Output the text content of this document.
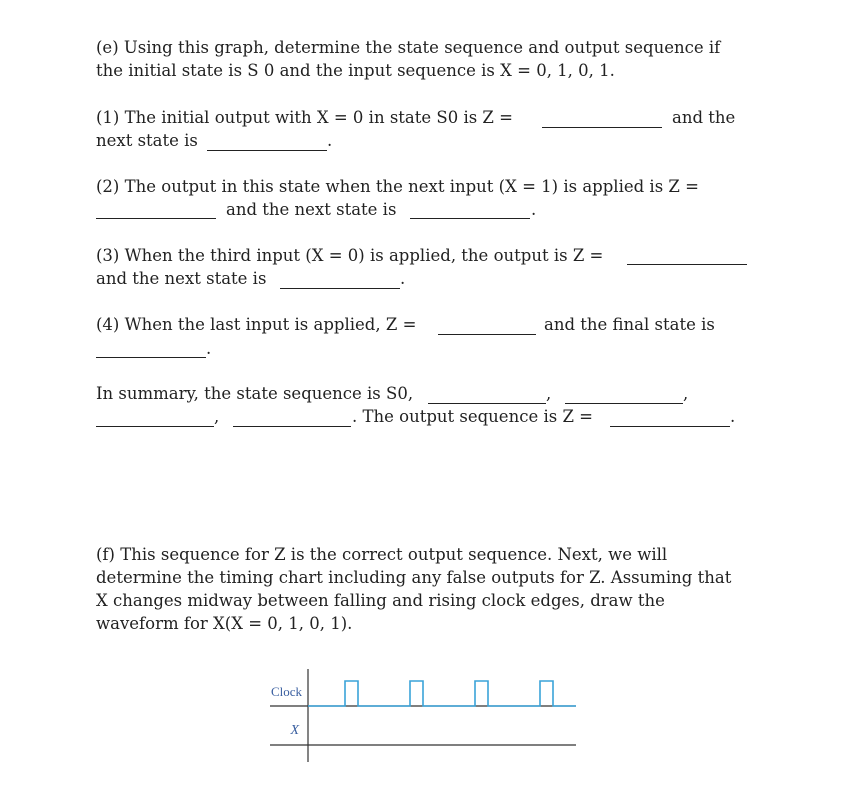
(e) Using this graph, determine the state sequence and output sequence if
the initial state is S 0 and the input sequence is X = 0, 1, 0, 1.
(1) The initial output with X = 0 in state S0 is Z =	and the
next state is	.
(2) The output in this state when the next input (X = 1) is applied is Z =
and the next state is	.
(3) When the third input (X = 0) is applied, the output is Z =
and the next state is	.
(4) When the last input is applied, Z =	and the final state is
.
In summary, the state sequence is S0,	,	,
,	. The output sequence is Z =	.
(f) This sequence for Z is the correct output sequence. Next, we will
determine the timing chart including any false outputs for Z. Assuming that
X changes midway between falling and rising clock edges, draw the
waveform for X(X = 0, 1, 0, 1).
Clock
X
